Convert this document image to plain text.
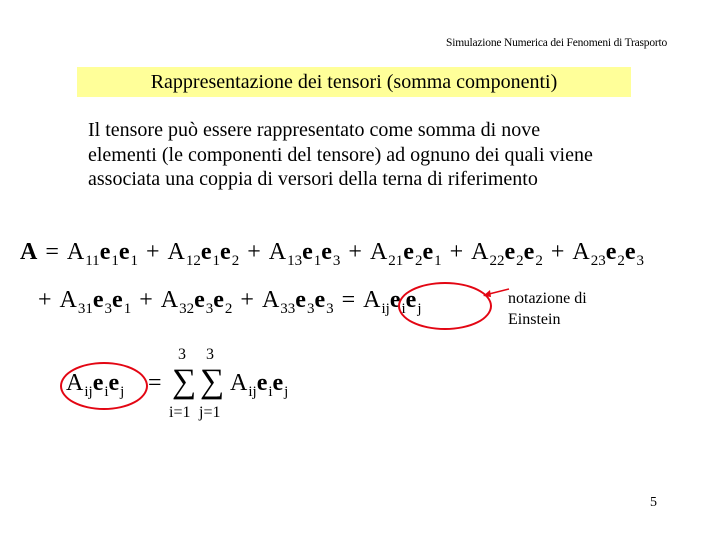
Simulazione Numerica dei Fenomeni di Trasporto
Rappresentazione dei tensori (somma componenti)
Il tensore può essere rappresentato come somma di nove elementi (le componenti del tensore) ad ognuno dei quali viene associata una coppia di versori della terna di riferimento
$A = A_{11}e_1e_1 + A_{12}e_1e_2 + A_{13}e_1e_3 + A_{21}e_2e_1 + A_{22}e_2e_2 + A_{23}e_2e_3$
+ $A_{31}e_3e_1 + A_{32}e_3e_2 + A_{33}e_3e_3 = A_{ij}e_ie_j$
notazione di
Einstein
$A_{ij}e_ie_j$ =
3 3
∑ ∑
i=1 j=1
$A_{ij}e_ie_j$
5
